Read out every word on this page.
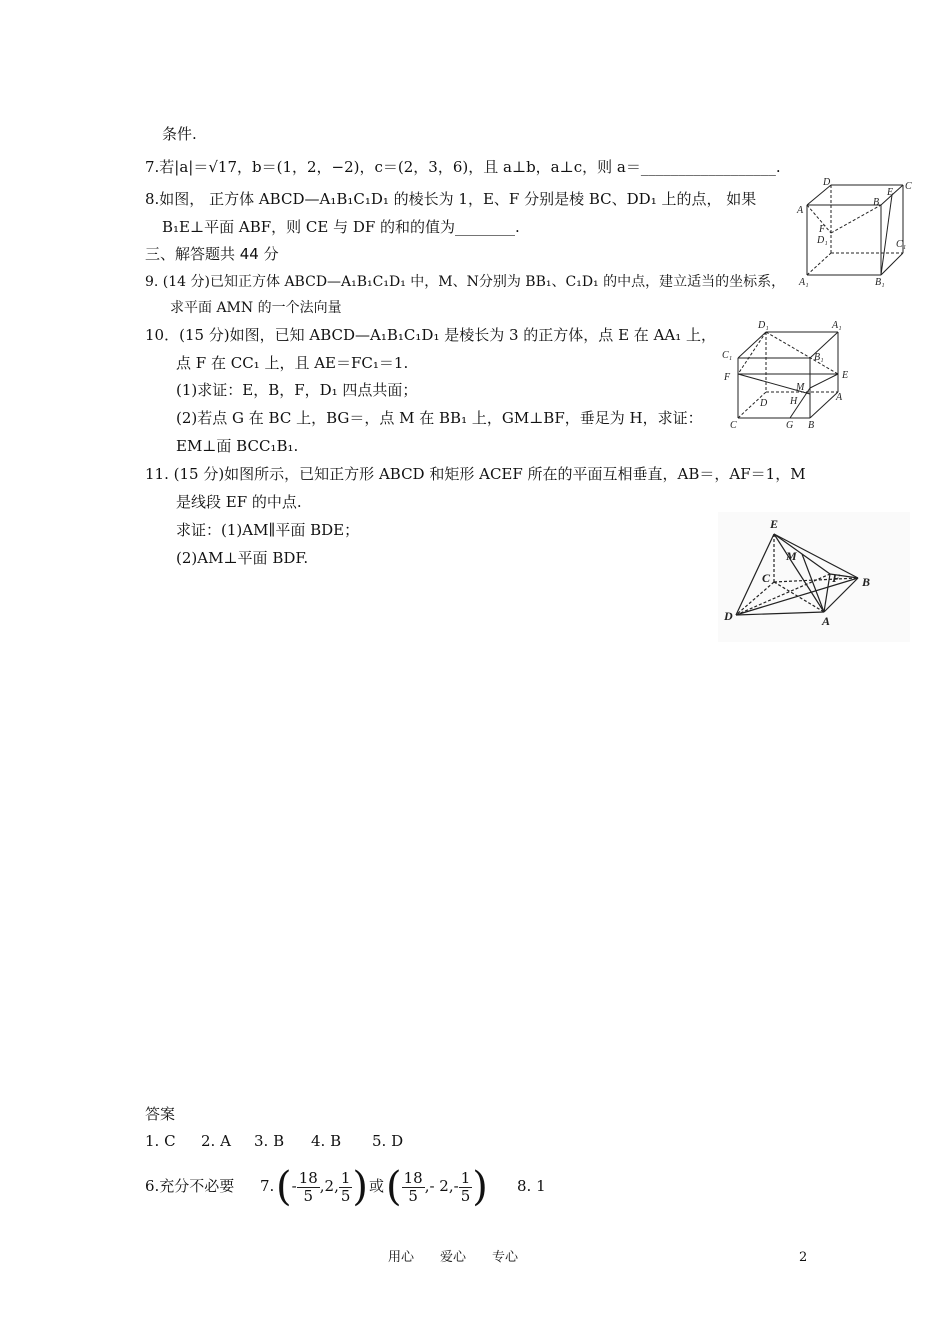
条件.
7.若|a|＝√17，b＝(1，2，−2)，c＝(2，3，6)，且 a⊥b，a⊥c，则 a＝__________________.
8.如图， 正方体 ABCD—A₁B₁C₁D₁ 的棱长为 1，E、F 分别是棱 BC、DD₁ 上的点， 如果
B₁E⊥平面 ABF，则 CE 与 DF 的和的值为________.
三、解答题共 44 分
9. (14 分)已知正方体 ABCD—A₁B₁C₁D₁ 中，M、N分别为 BB₁、C₁D₁ 的中点，建立适当的坐标系，
求平面 AMN 的一个法向量
10．(15 分)如图，已知 ABCD—A₁B₁C₁D₁ 是棱长为 3 的正方体，点 E 在 AA₁ 上，
点 F 在 CC₁ 上，且 AE＝FC₁＝1.
(1)求证：E，B，F，D₁ 四点共面；
(2)若点 G 在 BC 上，BG＝，点 M 在 BB₁ 上，GM⊥BF，垂足为 H，求证：
EM⊥面 BCC₁B₁.
11. (15 分)如图所示，已知正方形 ABCD 和矩形 ACEF 所在的平面互相垂直，AB＝，AF＝1，M
是线段 EF 的中点.
求证：(1)AM∥平面 BDE；
(2)AM⊥平面 BDF.
D
E
C
A
B
F
D₁	C₁
A₁	B₁
D₁	A₁
C₁	B₁
F	E
M
D H	A
C	G B
E
M
C	F B
D	A
答案
1. C 2. A 3. B 4. B 5. D
6.充分不必要 7. (- $\frac{18}{5} ,2$, $\frac{1}{5}$ ) 或 ( $\frac{18}{5}$ ,- $2,- \frac{1}{5}$ ) 8. 1
用心　　爱心　　专心	2
